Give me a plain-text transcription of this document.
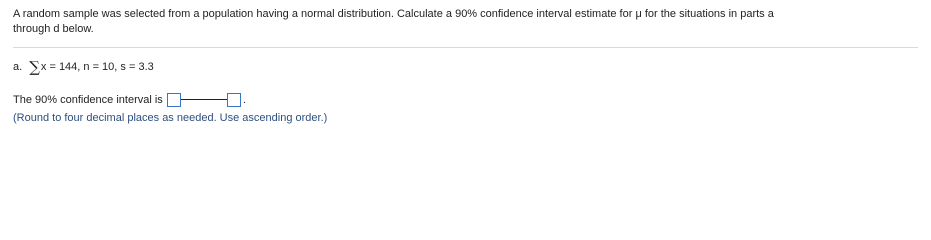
A random sample was selected from a population having a normal distribution. Calculate a 90% confidence interval estimate for μ for the situations in parts a
through d below.
a. ∑ x = 144, n = 10, s = 3.3
The 90% confidence interval is	.
(Round to four decimal places as needed. Use ascending order.)
